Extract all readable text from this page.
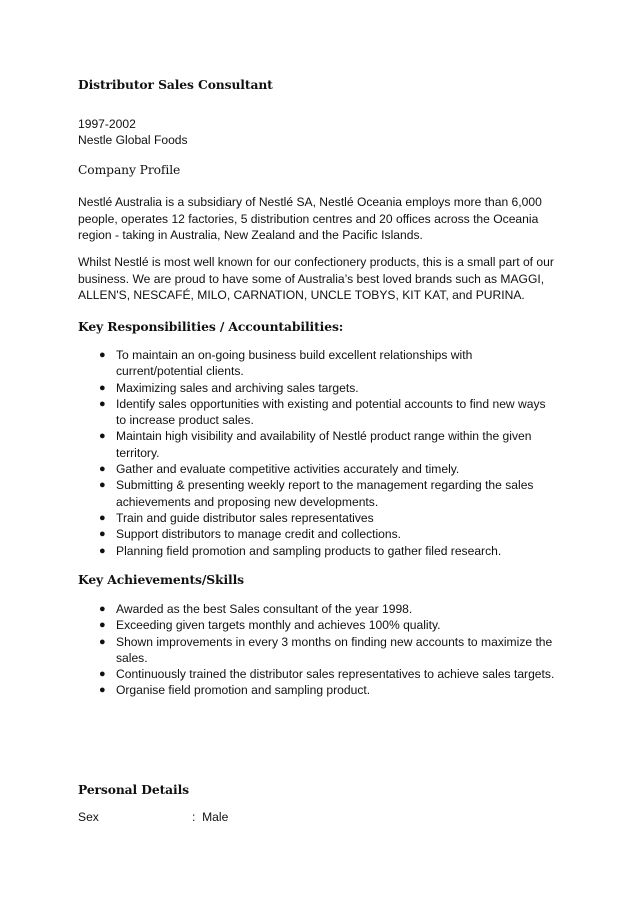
Distributor Sales Consultant
1997-2002
Nestle Global Foods
Company Profile

Nestlé Australia is a subsidiary of Nestlé SA, Nestlé Oceania employs more than 6,000 people, operates 12 factories, 5 distribution centres and 20 offices across the Oceania region - taking in Australia, New Zealand and the Pacific Islands.

Whilst Nestlé is most well known for our confectionery products, this is a small part of our business. We are proud to have some of Australia’s best loved brands such as MAGGI, ALLEN'S, NESCAFÉ, MILO, CARNATION, UNCLE TOBYS, KIT KAT, and PURINA.

Key Responsibilities / Accountabilities:
● To maintain an on-going business build excellent relationships with current/potential clients.
● Maximizing sales and archiving sales targets.
● Identify sales opportunities with existing and potential accounts to find new ways to increase product sales.
● Maintain high visibility and availability of Nestlé product range within the given territory.
● Gather and evaluate competitive activities accurately and timely.
● Submitting & presenting weekly report to the management regarding the sales achievements and proposing new developments.
● Train and guide distributor sales representatives
● Support distributors to manage credit and collections.
● Planning field promotion and sampling products to gather filed research.
Key Achievements/Skills
● Awarded as the best Sales consultant of the year 1998.
● Exceeding given targets monthly and achieves 100% quality.
● Shown improvements in every 3 months on finding new accounts to maximize the sales.
● Continuously trained the distributor sales representatives to achieve sales targets.
● Organise field promotion and sampling product.
Personal Details
Sex	: Male
